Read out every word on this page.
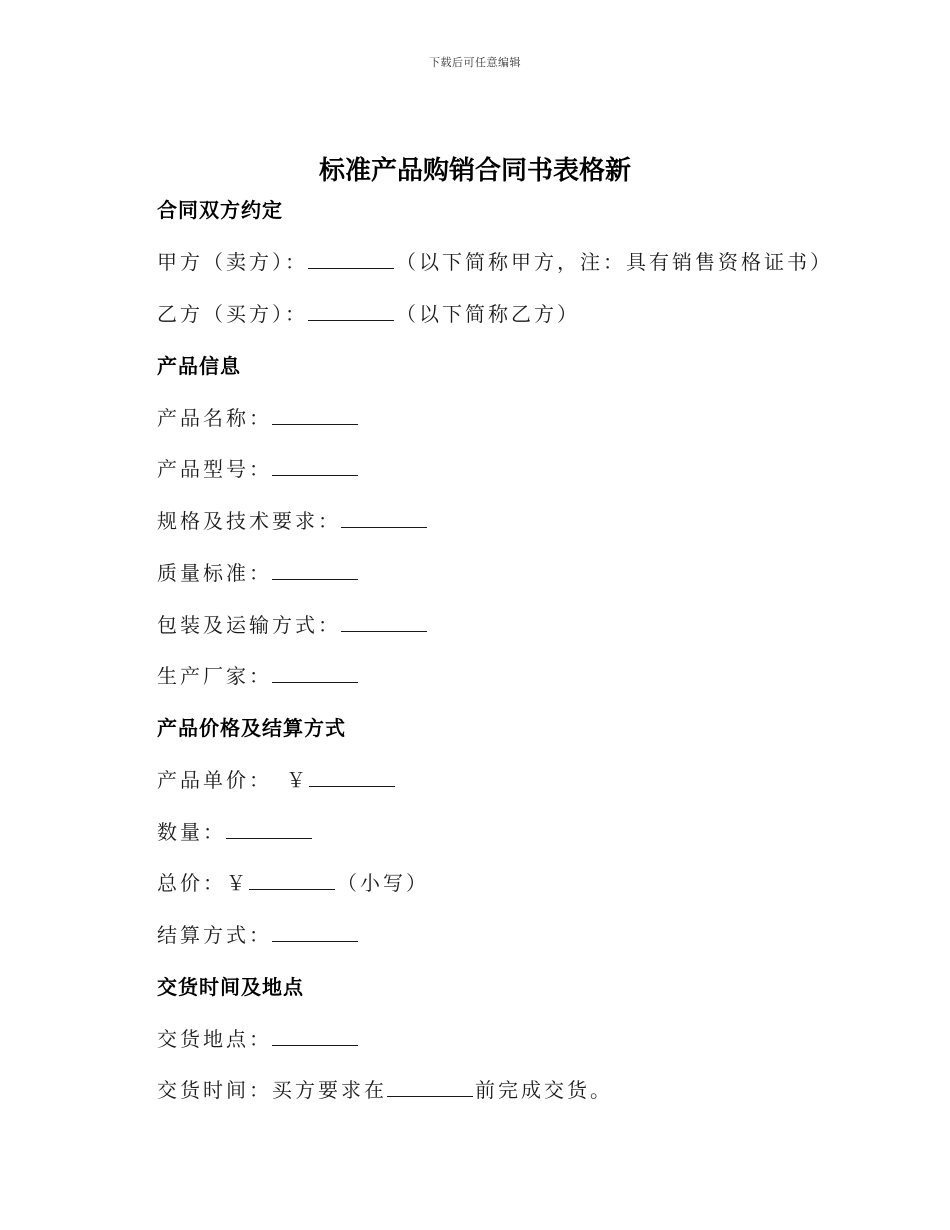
下载后可任意编辑
标准产品购销合同书表格新

合同双方约定

甲方（卖方）：	（以下简称甲方，注：具有销售资格证书）

乙方（买方）：	（以下简称乙方）

产品信息

产品名称：

产品型号：

规格及技术要求：

质量标准：

包装及运输方式：

生产厂家：

产品价格及结算方式

产品单价： ￥

数量：

总价：￥	（小写）

结算方式：

交货时间及地点

交货地点：

交货时间：买方要求在	前完成交货。
